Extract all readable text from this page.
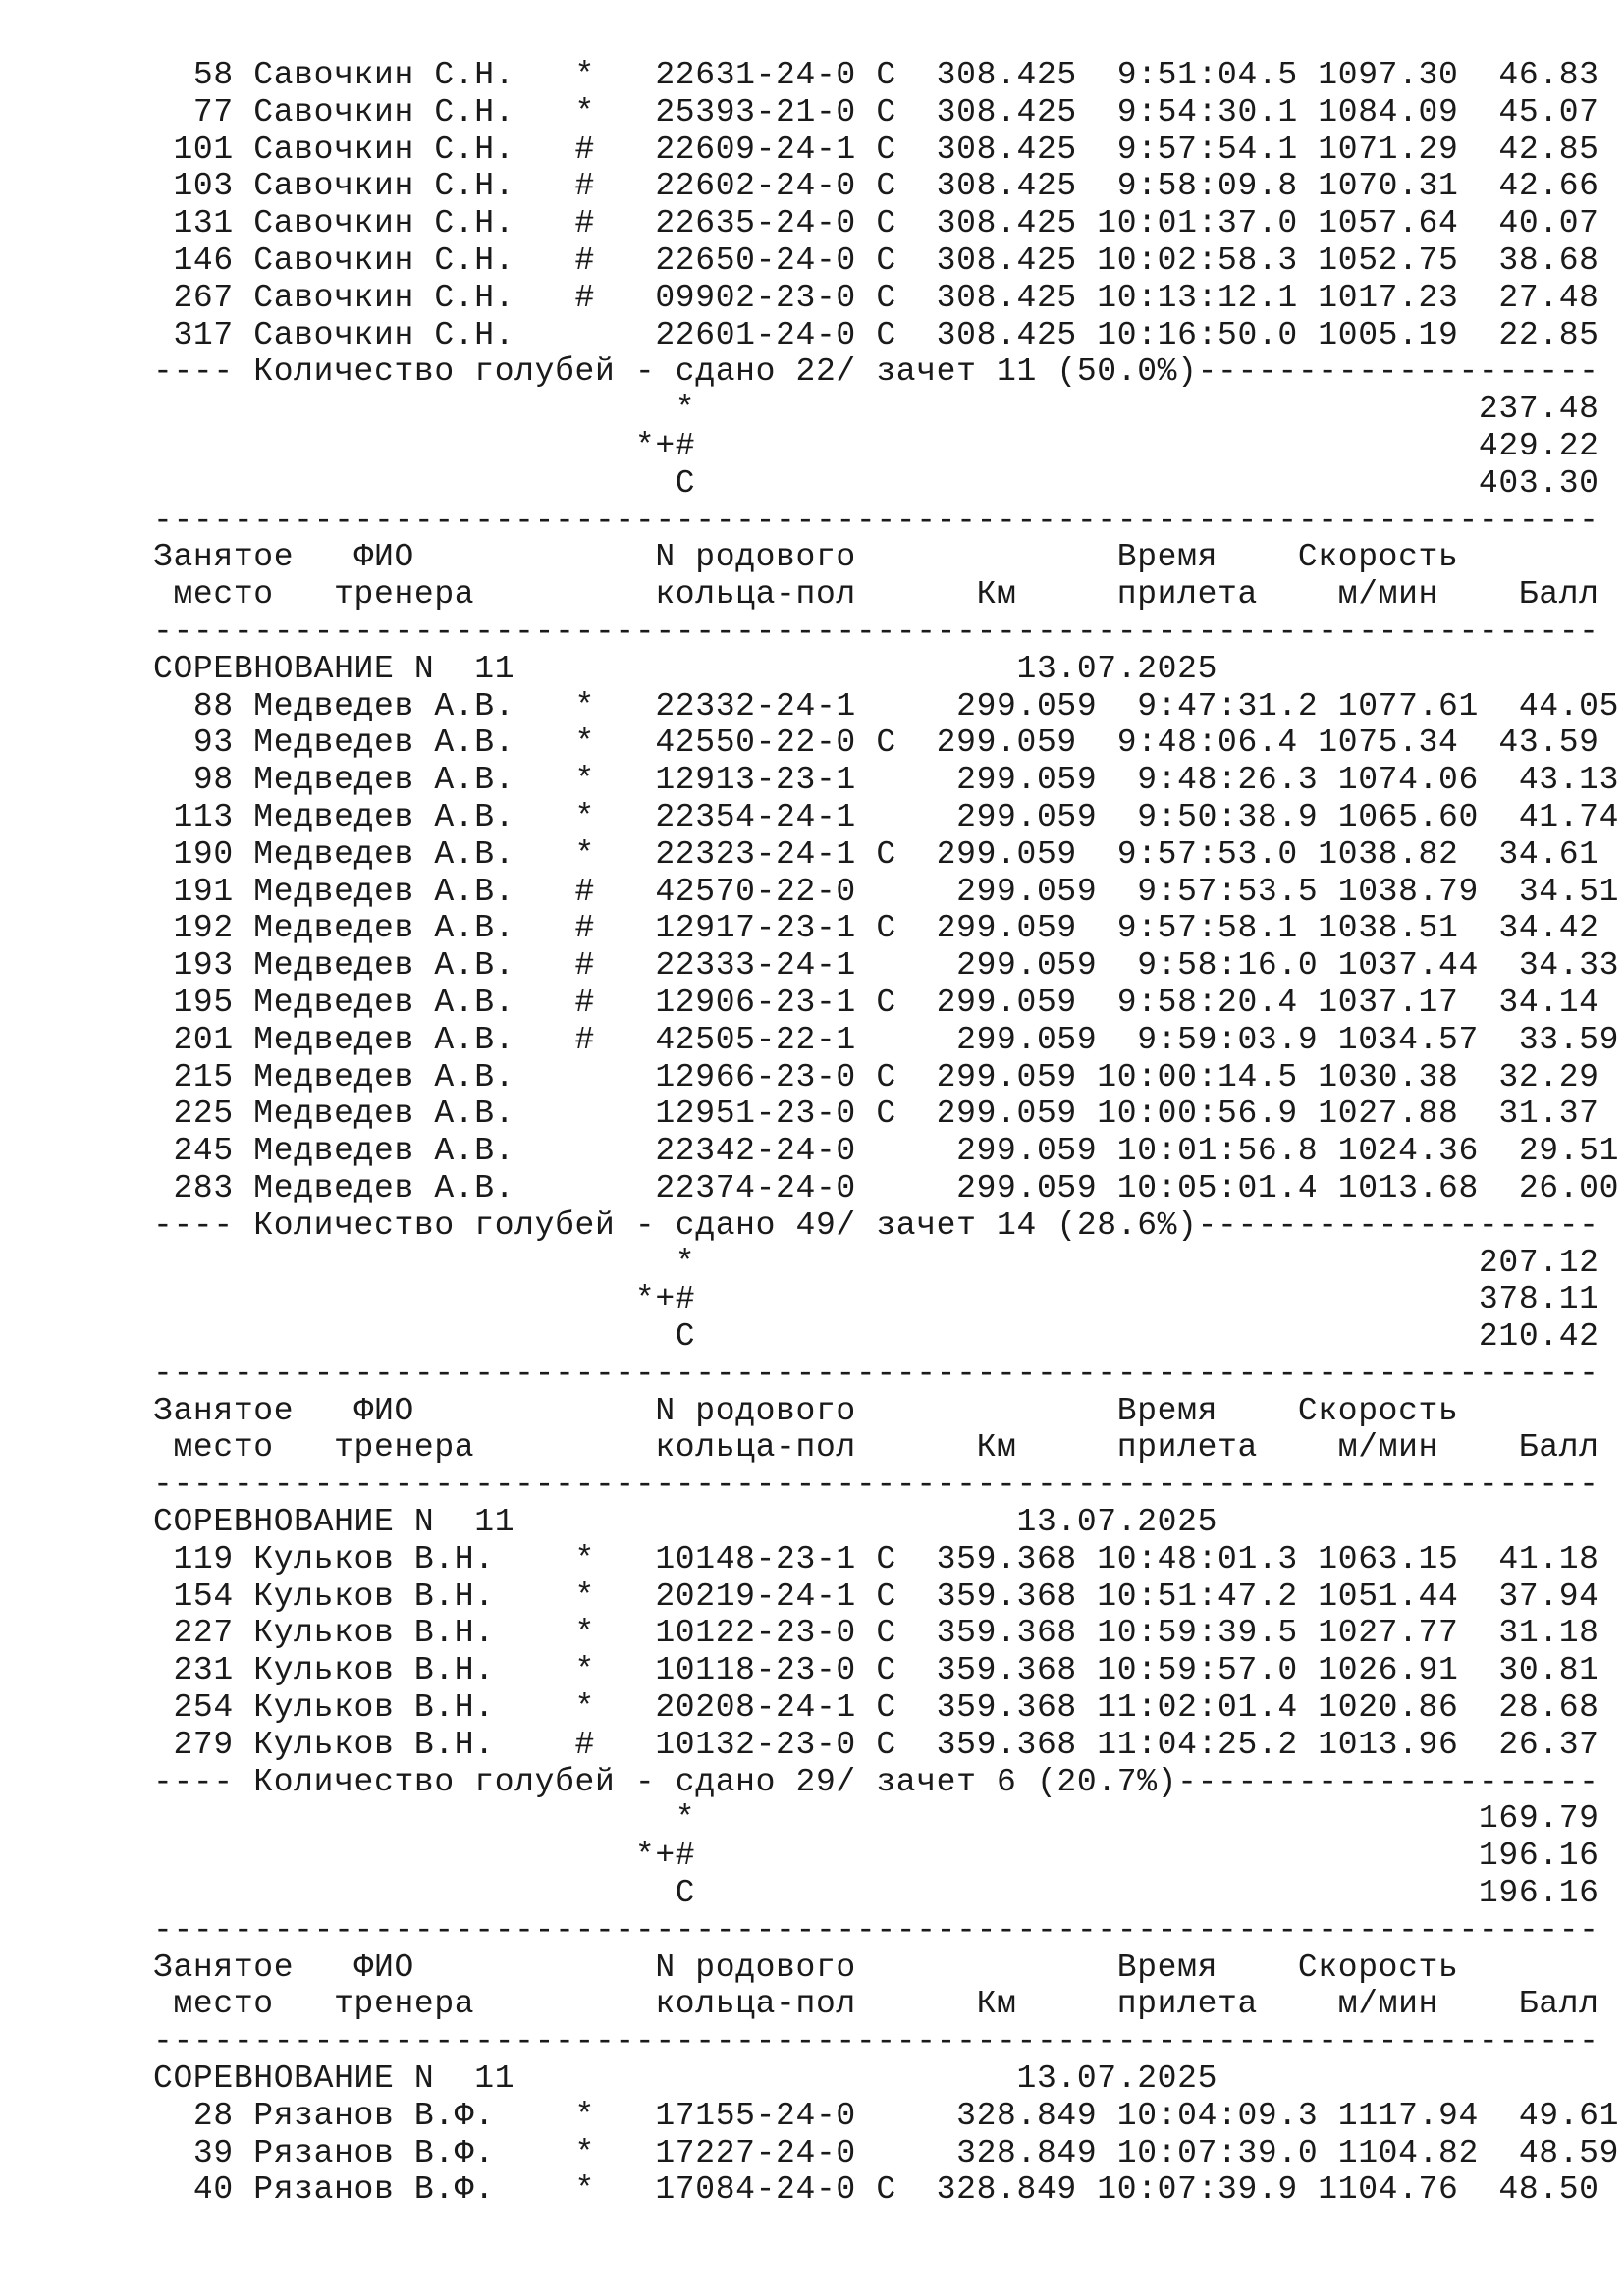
58 Савочкин С.Н.   *   22631-24-0 C  308.425  9:51:04.5 1097.30  46.83
77 Савочкин С.Н.   *   25393-21-0 C  308.425  9:54:30.1 1084.09  45.07
101 Савочкин С.Н.   #   22609-24-1 C  308.425  9:57:54.1 1071.29  42.85
103 Савочкин С.Н.   #   22602-24-0 C  308.425  9:58:09.8 1070.31  42.66
131 Савочкин С.Н.   #   22635-24-0 C  308.425 10:01:37.0 1057.64  40.07
146 Савочкин С.Н.   #   22650-24-0 C  308.425 10:02:58.3 1052.75  38.68
267 Савочкин С.Н.   #   09902-23-0 C  308.425 10:13:12.1 1017.23  27.48
317 Савочкин С.Н.       22601-24-0 C  308.425 10:16:50.0 1005.19  22.85
---- Количество голубей - сдано 22/ зачет 11 (50.0%)--------------------
*                                       237.48
*+#                                       429.22
C                                       403.30
------------------------------------------------------------------------
Занятое   ФИО            N родового             Время    Скорость
место   тренера         кольца-пол      Км     прилета    м/мин    Балл
------------------------------------------------------------------------
СОРЕВНОВАНИЕ N  11                         13.07.2025
88 Медведев А.В.   *   22332-24-1     299.059  9:47:31.2 1077.61  44.05
93 Медведев А.В.   *   42550-22-0 C  299.059  9:48:06.4 1075.34  43.59
98 Медведев А.В.   *   12913-23-1     299.059  9:48:26.3 1074.06  43.13
113 Медведев А.В.   *   22354-24-1     299.059  9:50:38.9 1065.60  41.74
190 Медведев А.В.   *   22323-24-1 C  299.059  9:57:53.0 1038.82  34.61
191 Медведев А.В.   #   42570-22-0     299.059  9:57:53.5 1038.79  34.51
192 Медведев А.В.   #   12917-23-1 C  299.059  9:57:58.1 1038.51  34.42
193 Медведев А.В.   #   22333-24-1     299.059  9:58:16.0 1037.44  34.33
195 Медведев А.В.   #   12906-23-1 C  299.059  9:58:20.4 1037.17  34.14
201 Медведев А.В.   #   42505-22-1     299.059  9:59:03.9 1034.57  33.59
215 Медведев А.В.       12966-23-0 C  299.059 10:00:14.5 1030.38  32.29
225 Медведев А.В.       12951-23-0 C  299.059 10:00:56.9 1027.88  31.37
245 Медведев А.В.       22342-24-0     299.059 10:01:56.8 1024.36  29.51
283 Медведев А.В.       22374-24-0     299.059 10:05:01.4 1013.68  26.00
---- Количество голубей - сдано 49/ зачет 14 (28.6%)--------------------
*                                       207.12
*+#                                       378.11
C                                       210.42
------------------------------------------------------------------------
Занятое   ФИО            N родового             Время    Скорость
место   тренера         кольца-пол      Км     прилета    м/мин    Балл
------------------------------------------------------------------------
СОРЕВНОВАНИЕ N  11                         13.07.2025
119 Кульков В.Н.    *   10148-23-1 C  359.368 10:48:01.3 1063.15  41.18
154 Кульков В.Н.    *   20219-24-1 C  359.368 10:51:47.2 1051.44  37.94
227 Кульков В.Н.    *   10122-23-0 C  359.368 10:59:39.5 1027.77  31.18
231 Кульков В.Н.    *   10118-23-0 C  359.368 10:59:57.0 1026.91  30.81
254 Кульков В.Н.    *   20208-24-1 C  359.368 11:02:01.4 1020.86  28.68
279 Кульков В.Н.    #   10132-23-0 C  359.368 11:04:25.2 1013.96  26.37
---- Количество голубей - сдано 29/ зачет 6 (20.7%)---------------------
*                                       169.79
*+#                                       196.16
C                                       196.16
------------------------------------------------------------------------
Занятое   ФИО            N родового             Время    Скорость
место   тренера         кольца-пол      Км     прилета    м/мин    Балл
------------------------------------------------------------------------
СОРЕВНОВАНИЕ N  11                         13.07.2025
28 Рязанов В.Ф.    *   17155-24-0     328.849 10:04:09.3 1117.94  49.61
39 Рязанов В.Ф.    *   17227-24-0     328.849 10:07:39.0 1104.82  48.59
40 Рязанов В.Ф.    *   17084-24-0 C  328.849 10:07:39.9 1104.76  48.50
